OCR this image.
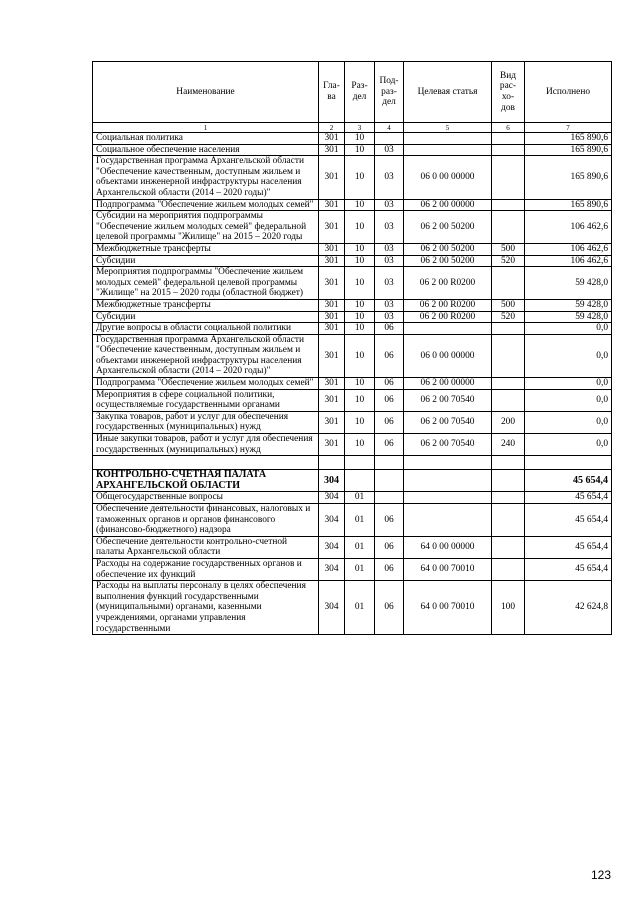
Наименование	Гла-ва	Раз-дел	Под-раз-дел	Целевая статья	Вид рас-хо-дов	Исполнено
1	2	3	4	5	6	7
Социальная политика	301	10				165 890,6
Социальное обеспечение населения	301	10	03			165 890,6
Государственная программа Архангельской области "Обеспечение качественным, доступным жильем и объектами инженерной инфраструктуры населения Архангельской области (2014 – 2020 годы)"	301	10	03	06 0 00 00000		165 890,6
Подпрограмма "Обеспечение жильем молодых семей"	301	10	03	06 2 00 00000		165 890,6
Субсидии на мероприятия подпрограммы "Обеспечение жильем молодых семей" федеральной целевой программы "Жилище" на 2015 – 2020 годы	301	10	03	06 2 00 50200		106 462,6
Межбюджетные трансферты	301	10	03	06 2 00 50200	500	106 462,6
Субсидии	301	10	03	06 2 00 50200	520	106 462,6
Мероприятия подпрограммы "Обеспечение жильем молодых семей" федеральной целевой программы "Жилище" на 2015 – 2020 годы (областной бюджет)	301	10	03	06 2 00 R0200		59 428,0
Межбюджетные трансферты	301	10	03	06 2 00 R0200	500	59 428,0
Субсидии	301	10	03	06 2 00 R0200	520	59 428,0
Другие вопросы в области социальной политики	301	10	06			0,0
Государственная программа Архангельской области "Обеспечение качественным, доступным жильем и объектами инженерной инфраструктуры населения Архангельской области (2014 – 2020 годы)"	301	10	06	06 0 00 00000		0,0
Подпрограмма "Обеспечение жильем молодых семей"	301	10	06	06 2 00 00000		0,0
Мероприятия в сфере социальной политики, осуществляемые государственными органами	301	10	06	06 2 00 70540		0,0
Закупка товаров, работ и услуг для обеспечения государственных (муниципальных) нужд	301	10	06	06 2 00 70540	200	0,0
Иные закупки товаров, работ и услуг для обеспечения государственных (муниципальных) нужд	301	10	06	06 2 00 70540	240	0,0

КОНТРОЛЬНО-СЧЕТНАЯ ПАЛАТА АРХАНГЕЛЬСКОЙ ОБЛАСТИ	304					45 654,4
Общегосударственные вопросы	304	01				45 654,4
Обеспечение деятельности финансовых, налоговых и таможенных органов и органов финансового (финансово-бюджетного) надзора	304	01	06			45 654,4
Обеспечение деятельности контрольно-счетной палаты Архангельской области	304	01	06	64 0 00 00000		45 654,4
Расходы на содержание государственных органов и обеспечение их функций	304	01	06	64 0 00 70010		45 654,4
Расходы на выплаты персоналу в целях обеспечения выполнения функций государственными (муниципальными) органами, казенными учреждениями, органами управления государственными	304	01	06	64 0 00 70010	100	42 624,8
123
